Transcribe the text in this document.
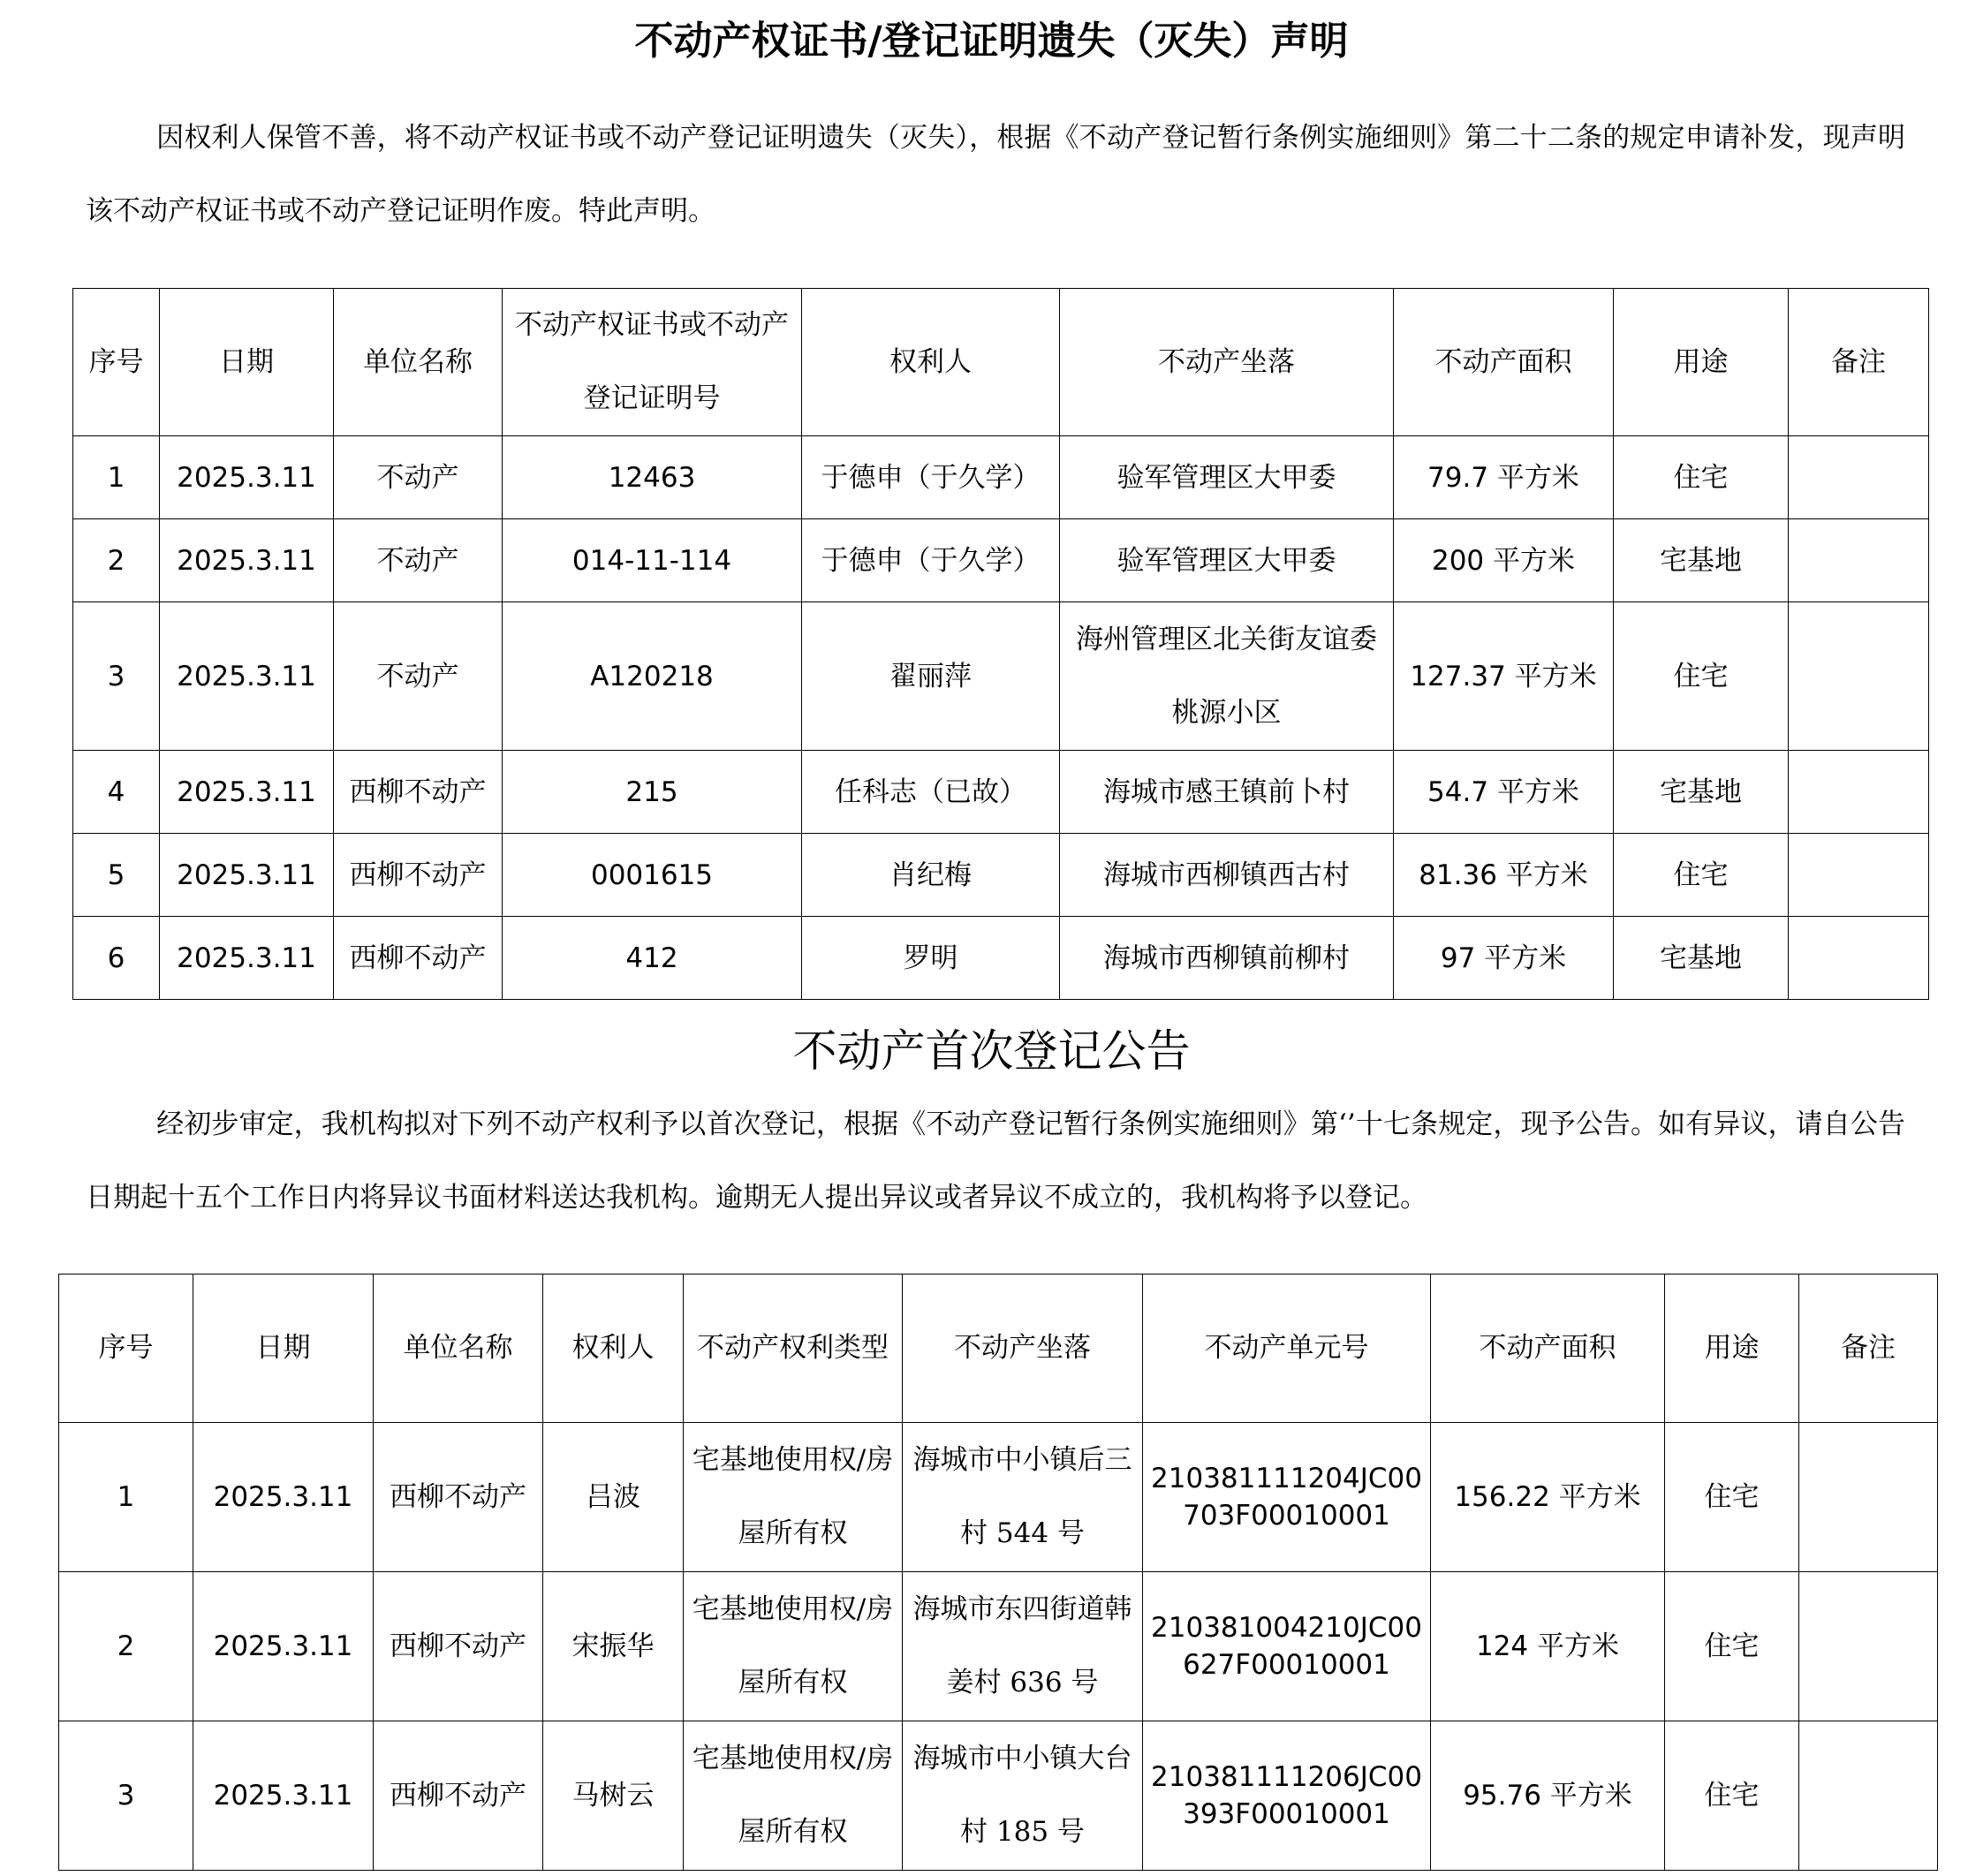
不动产权证书/登记证明遗失（灭失）声明
因权利人保管不善，将不动产权证书或不动产登记证明遗失（灭失），根据《不动产登记暂行条例实施细则》第二十二条的规定申请补发，现声明该不动产权证书或不动产登记证明作废。特此声明。
序号	日期	单位名称	不动产权证书或不动产登记证明号	权利人	不动产坐落	不动产面积	用途	备注
1	2025.3.11	不动产	12463	于德申（于久学）	验军管理区大甲委	79.7 平方米	住宅	
2	2025.3.11	不动产	014-11-114	于德申（于久学）	验军管理区大甲委	200 平方米	宅基地	
3	2025.3.11	不动产	A120218	翟丽萍	海州管理区北关街友谊委桃源小区	127.37 平方米	住宅	
4	2025.3.11	西柳不动产	215	任科志（已故）	海城市感王镇前卜村	54.7 平方米	宅基地	
5	2025.3.11	西柳不动产	0001615	肖纪梅	海城市西柳镇西古村	81.36 平方米	住宅	
6	2025.3.11	西柳不动产	412	罗明	海城市西柳镇前柳村	97 平方米	宅基地	
不动产首次登记公告
经初步审定，我机构拟对下列不动产权利予以首次登记，根据《不动产登记暂行条例实施细则》第‘’十七条规定，现予公告。如有异议，请自公告日期起十五个工作日内将异议书面材料送达我机构。逾期无人提出异议或者异议不成立的，我机构将予以登记。
序号	日期	单位名称	权利人	不动产权利类型	不动产坐落	不动产单元号	不动产面积	用途	备注
1	2025.3.11	西柳不动产	吕波	宅基地使用权/房屋所有权	海城市中小镇后三村 544 号	210381111204JC00703F00010001	156.22 平方米	住宅	
2	2025.3.11	西柳不动产	宋振华	宅基地使用权/房屋所有权	海城市东四街道韩姜村 636 号	210381004210JC00627F00010001	124 平方米	住宅	
3	2025.3.11	西柳不动产	马树云	宅基地使用权/房屋所有权	海城市中小镇大台村 185 号	210381111206JC00393F00010001	95.76 平方米	住宅	
